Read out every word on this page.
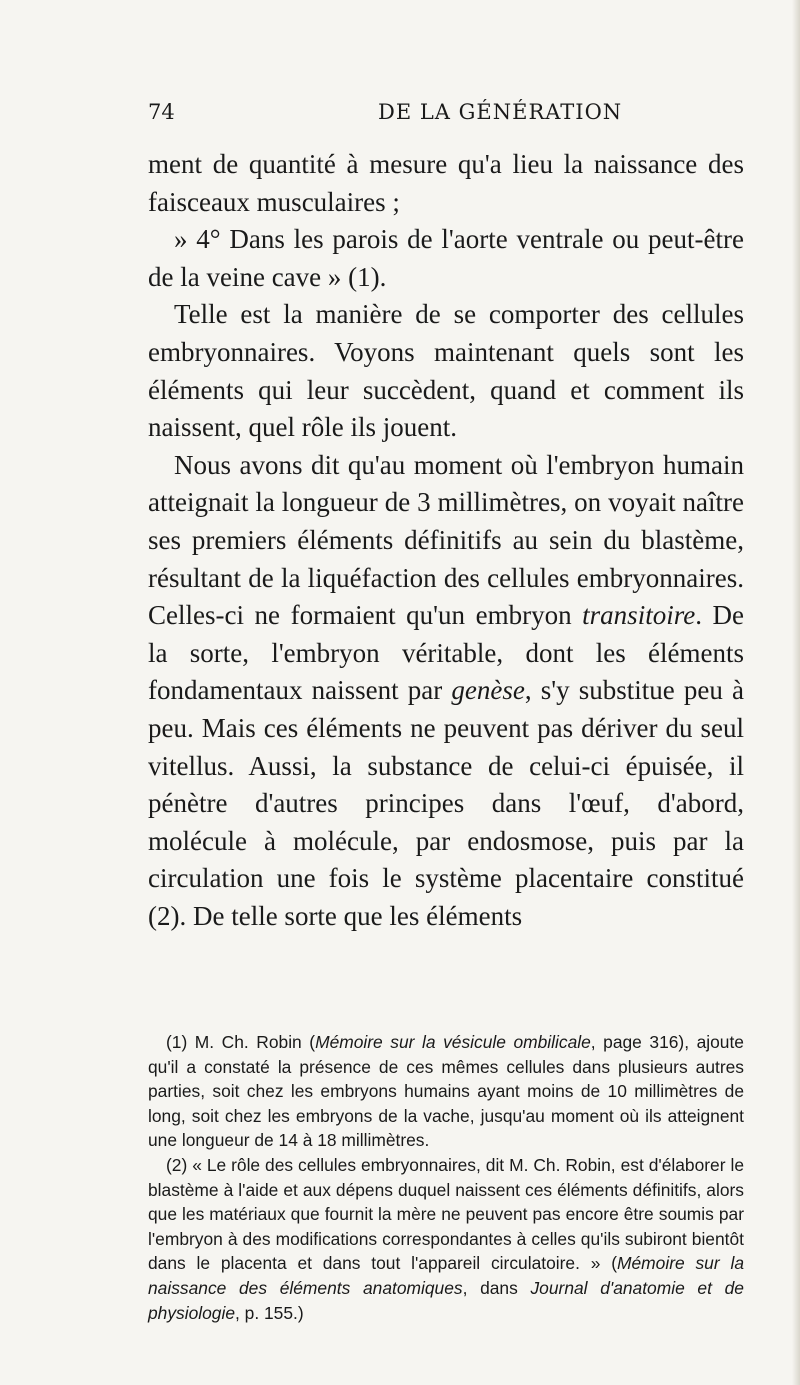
74	DE LA GÉNÉRATION

ment de quantité à mesure qu'a lieu la naissance des faisceaux musculaires ;

» 4° Dans les parois de l'aorte ventrale ou peut-être de la veine cave » (1).

Telle est la manière de se comporter des cellules embryonnaires. Voyons maintenant quels sont les éléments qui leur succèdent, quand et comment ils naissent, quel rôle ils jouent.

Nous avons dit qu'au moment où l'embryon humain atteignait la longueur de 3 millimètres, on voyait naître ses premiers éléments définitifs au sein du blastème, résultant de la liquéfaction des cellules embryonnaires. Celles-ci ne formaient qu'un embryon transitoire. De la sorte, l'embryon véritable, dont les éléments fondamentaux naissent par genèse, s'y substitue peu à peu. Mais ces éléments ne peuvent pas dériver du seul vitellus. Aussi, la substance de celui-ci épuisée, il pénètre d'autres principes dans l'œuf, d'abord, molécule à molécule, par endosmose, puis par la circulation une fois le système placentaire constitué (2). De telle sorte que les éléments

(1) M. Ch. Robin (Mémoire sur la vésicule ombilicale, page 316), ajoute qu'il a constaté la présence de ces mêmes cellules dans plusieurs autres parties, soit chez les embryons humains ayant moins de 10 millimètres de long, soit chez les embryons de la vache, jusqu'au moment où ils atteignent une longueur de 14 à 18 millimètres.

(2) « Le rôle des cellules embryonnaires, dit M. Ch. Robin, est d'élaborer le blastème à l'aide et aux dépens duquel naissent ces éléments définitifs, alors que les matériaux que fournit la mère ne peuvent pas encore être soumis par l'embryon à des modifications correspondantes à celles qu'ils subiront bientôt dans le placenta et dans tout l'appareil circulatoire. » (Mémoire sur la naissance des éléments anatomiques, dans Journal d'anatomie et de physiologie, p. 155.)
